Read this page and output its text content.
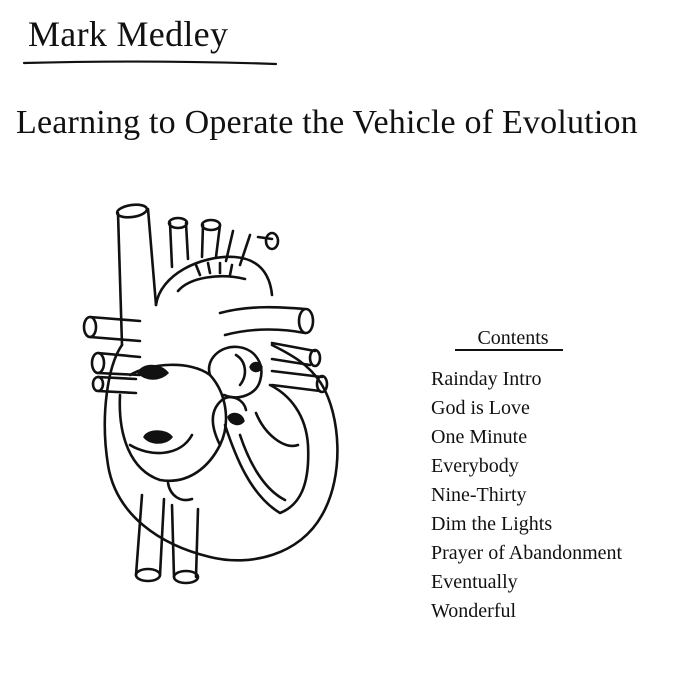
Mark Medley
Learning to Operate the Vehicle of Evolution
Contents
Rainday Intro
God is Love
One Minute
Everybody
Nine-Thirty
Dim the Lights
Prayer of Abandonment
Eventually
Wonderful
